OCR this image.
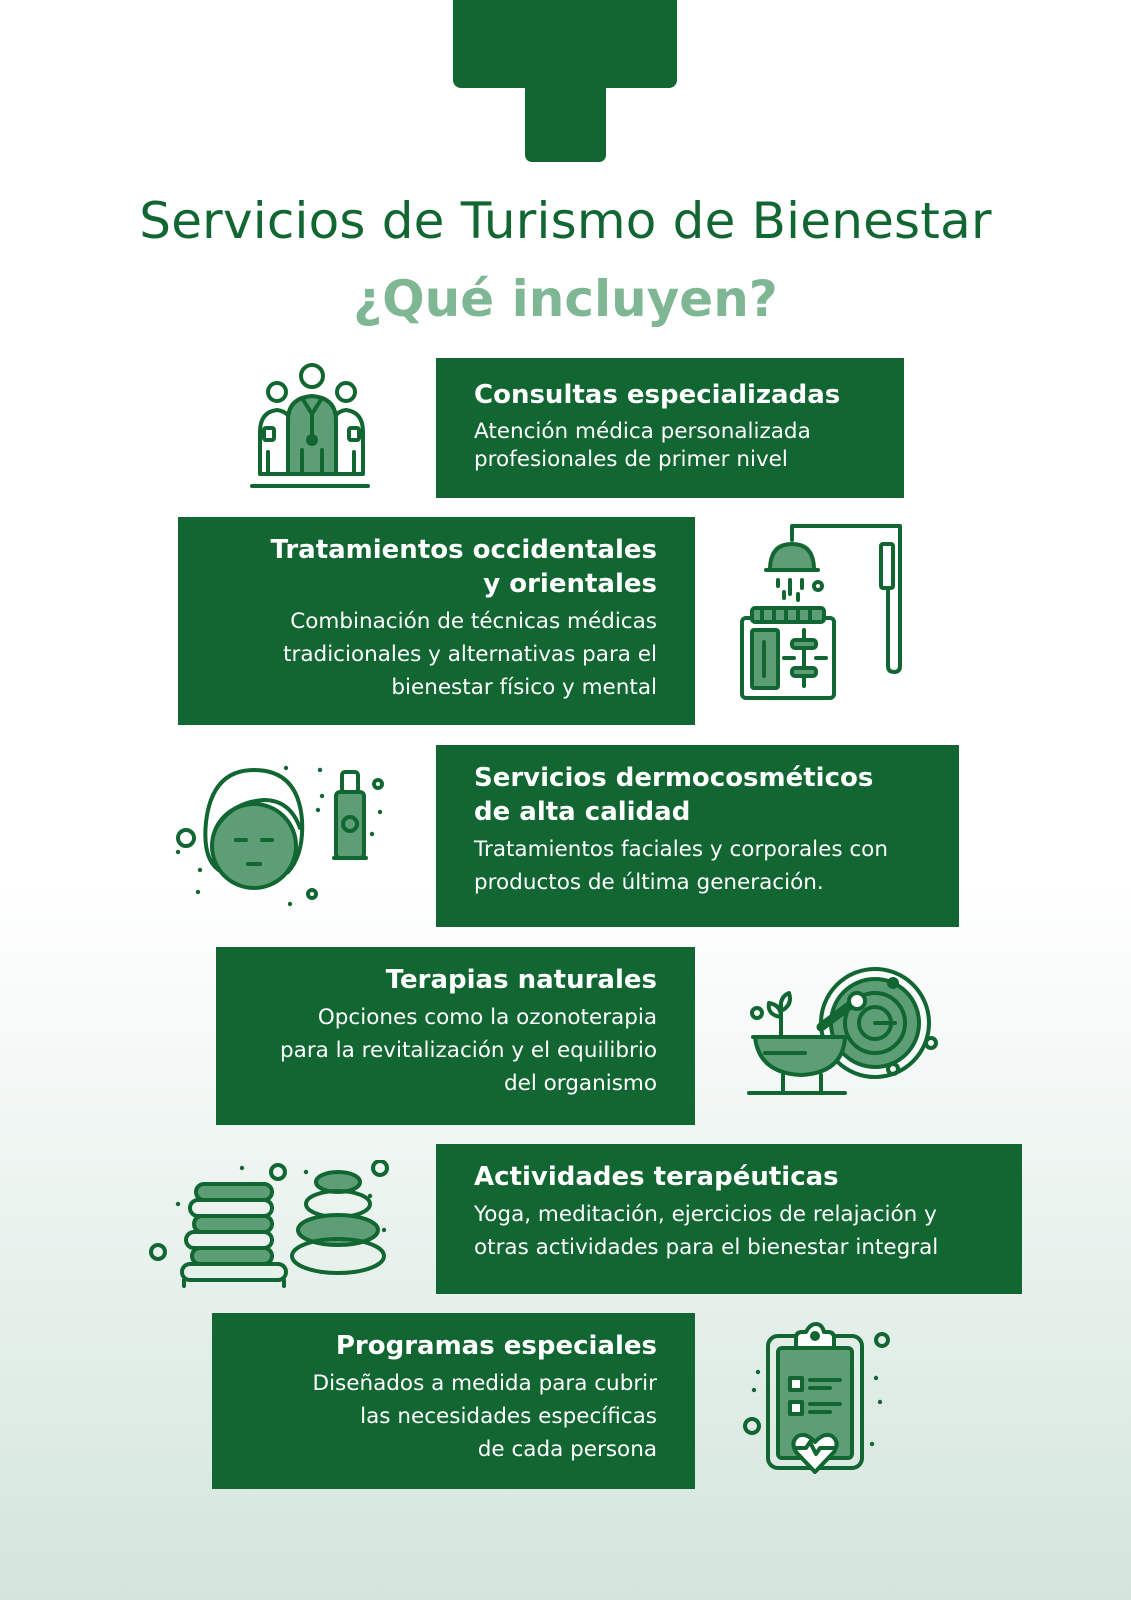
Servicios de Turismo de Bienestar
¿Qué incluyen?
Consultas especializadas
Atención médica personalizada
profesionales de primer nivel
Tratamientos occidentales
y orientales
Combinación de técnicas médicas
tradicionales y alternativas para el
bienestar físico y mental
Servicios dermocosméticos
de alta calidad
Tratamientos faciales y corporales con
productos de última generación.
Terapias naturales
Opciones como la ozonoterapia
para la revitalización y el equilibrio
del organismo
Actividades terapéuticas
Yoga, meditación, ejercicios de relajación y
otras actividades para el bienestar integral
Programas especiales
Diseñados a medida para cubrir
las necesidades específicas
de cada persona
